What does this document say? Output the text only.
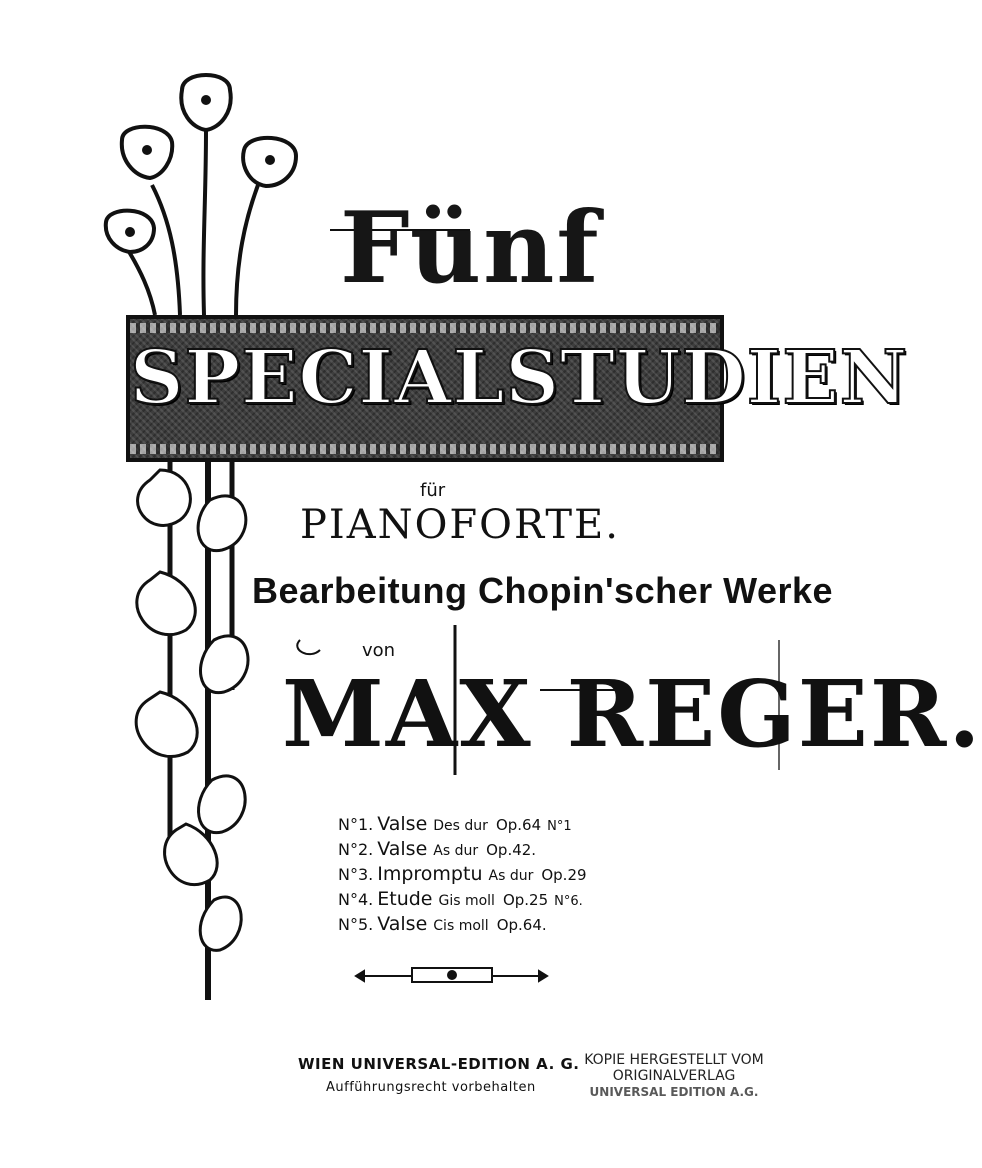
Fünf
SPECIALSTUDIEN
für
PIANOFORTE.
Bearbeitung Chopin'scher Werke
von
MAX REGER.
N°1. Valse Des dur Op.64 N°1
N°2. Valse As dur Op.42.
N°3. Impromptu As dur Op.29
N°4. Etude Gis moll Op.25 N°6.
N°5. Valse Cis moll Op.64.
WIEN UNIVERSAL-EDITION A. G.
Aufführungsrecht vorbehalten
KOPIE HERGESTELLT VOM
ORIGINALVERLAG
UNIVERSAL EDITION A.G.
